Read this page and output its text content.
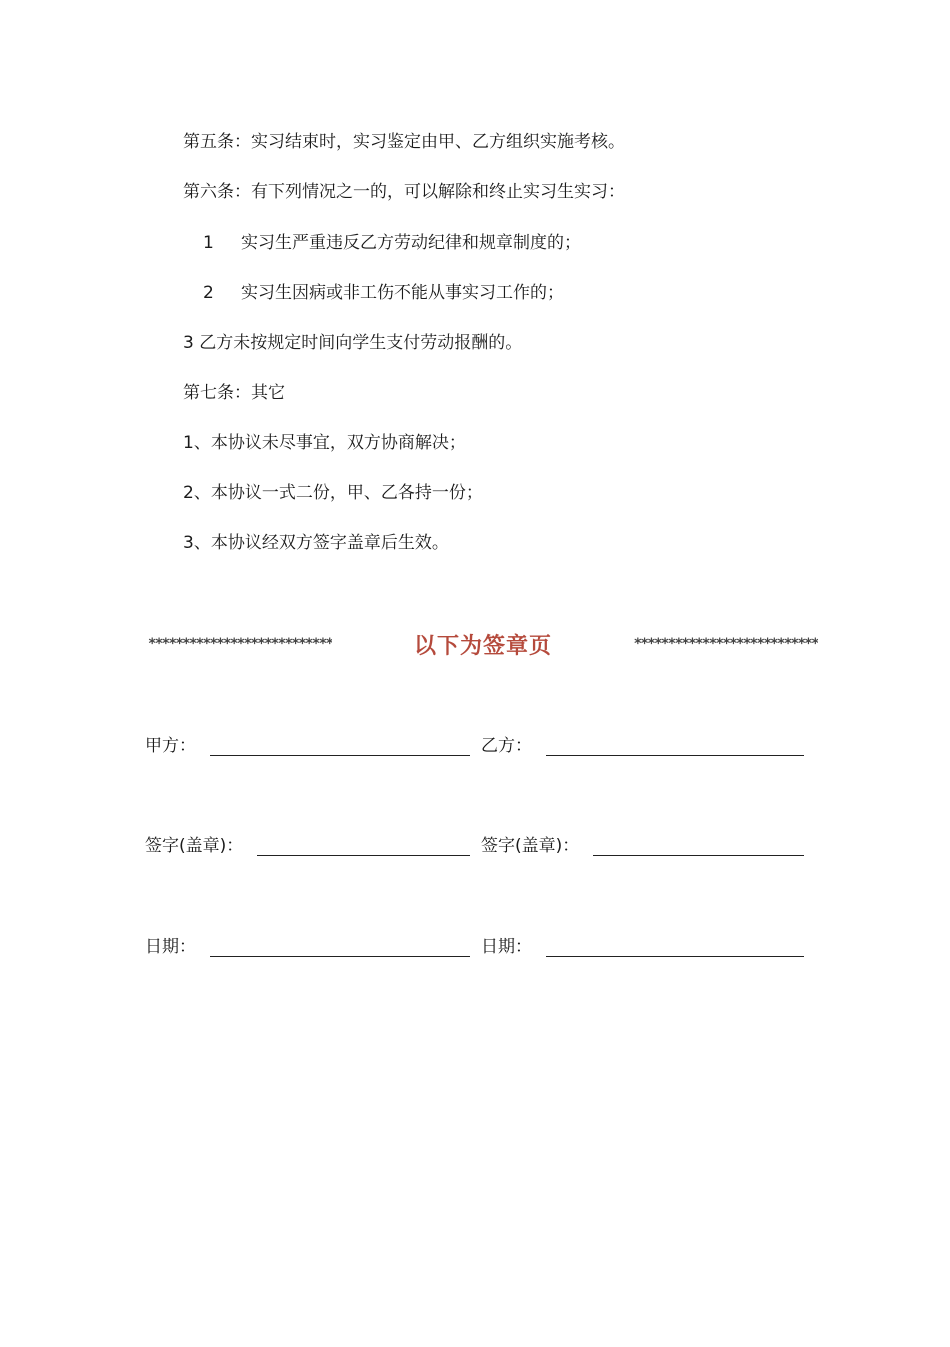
第五条：实习结束时，实习鉴定由甲、乙方组织实施考核。
第六条：有下列情况之一的，可以解除和终止实习生实习：
1 实习生严重违反乙方劳动纪律和规章制度的；
2 实习生因病或非工伤不能从事实习工作的；
3 乙方未按规定时间向学生支付劳动报酬的。
第七条：其它
1、本协议未尽事宜，双方协商解决；
2、本协议一式二份，甲、乙各持一份；
3、本协议经双方签字盖章后生效。
***************************	以下为签章页	***************************
甲方：	乙方：
签字(盖章)：	签字(盖章)：
日期：	日期：
